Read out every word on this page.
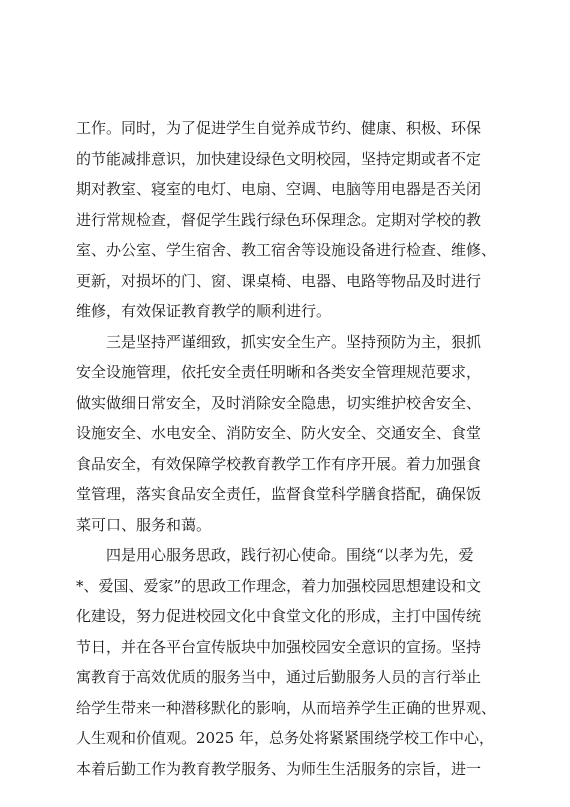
工作。同时，为了促进学生自觉养成节约、健康、积极、环保
的节能减排意识，加快建设绿色文明校园，坚持定期或者不定
期对教室、寝室的电灯、电扇、空调、电脑等用电器是否关闭
进行常规检查，督促学生践行绿色环保理念。定期对学校的教
室、办公室、学生宿舍、教工宿舍等设施设备进行检查、维修、
更新，对损坏的门、窗、课桌椅、电器、电路等物品及时进行
维修，有效保证教育教学的顺利进行。
三是坚持严谨细致，抓实安全生产。坚持预防为主，狠抓
安全设施管理，依托安全责任明晰和各类安全管理规范要求，
做实做细日常安全，及时消除安全隐患，切实维护校舍安全、
设施安全、水电安全、消防安全、防火安全、交通安全、食堂
食品安全，有效保障学校教育教学工作有序开展。着力加强食
堂管理，落实食品安全责任，监督食堂科学膳食搭配，确保饭
菜可口、服务和蔼。
四是用心服务思政，践行初心使命。围绕“以孝为先，爱
*、爱国、爱家”的思政工作理念，着力加强校园思想建设和文
化建设，努力促进校园文化中食堂文化的形成，主打中国传统
节日，并在各平台宣传版块中加强校园安全意识的宣扬。坚持
寓教育于高效优质的服务当中，通过后勤服务人员的言行举止
给学生带来一种潜移默化的影响，从而培养学生正确的世界观、
人生观和价值观。2025 年，总务处将紧紧围绕学校工作中心，
本着后勤工作为教育教学服务、为师生生活服务的宗旨，进一
